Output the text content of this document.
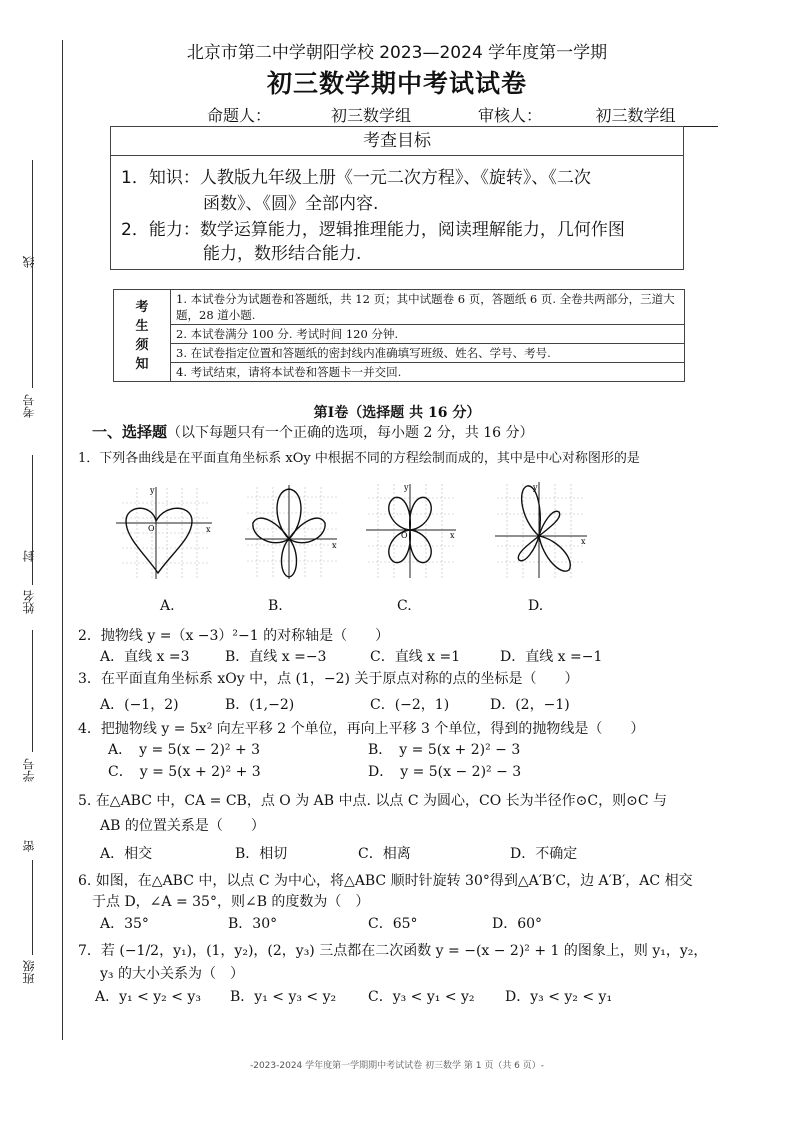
线
考号
封
姓名
学号
密
班级
北京市第二中学朝阳学校 2023—2024 学年度第一学期
初三数学期中考试试卷
命题人：	初三数学组	审核人：	初三数学组
考查目标
1．知识：人教版九年级上册《一元二次方程》、《旋转》、《二次
函数》、《圆》全部内容.
2．能力：数学运算能力，逻辑推理能力，阅读理解能力，几何作图
能力，数形结合能力.
考
生
须
知	1. 本试卷分为试题卷和答题纸，共 12 页；其中试题卷 6 页，答题纸 6 页. 全卷共两部分，三道大题，28 道小题.
2. 本试卷满分 100 分. 考试时间 120 分钟.
3. 在试卷指定位置和答题纸的密封线内准确填写班级、姓名、学号、考号.
4. 考试结束，请将本试卷和答题卡一并交回.
第Ⅰ卷（选择题 共 16 分）
一、选择题（以下每题只有一个正确的选项，每小题 2 分，共 16 分）
1．下列各曲线是在平面直角坐标系 xOy 中根据不同的方程绘制而成的，其中是中心对称图形的是
y
x
O
A.
x
B.
y
x
O
C.
y
x
D.
2．抛物线 y =（x −3）²−1 的对称轴是（　　）
A．直线 x =3	B．直线 x =−3	C．直线 x =1	D．直线 x =−1
3．在平面直角坐标系 xOy 中，点 (1，−2) 关于原点对称的点的坐标是（　　）
A．(−1，2)	B．(1,−2)	C．(−2，1)	D．(2，−1)
4．把抛物线 y = 5x² 向左平移 2 个单位，再向上平移 3 个单位，得到的抛物线是（　　）
A．　y = 5(x − 2)² + 3	B．　y = 5(x + 2)² − 3
C．　y = 5(x + 2)² + 3	D．　y = 5(x − 2)² − 3
5. 在△ABC 中，CA = CB，点 O 为 AB 中点. 以点 C 为圆心，CO 长为半径作⊙C，则⊙C 与
AB 的位置关系是（　　）
A．相交	B．相切	C．相离	D．不确定
6. 如图，在△ABC 中，以点 C 为中心，将△ABC 顺时针旋转 30°得到△A′B′C，边 A′B′，AC 相交
于点 D，∠A = 35°，则∠B 的度数为（　）
A．35°	B．30°	C．65°	D．60°
7．若 (−1/2，y₁)，(1，y₂)，(2，y₃) 三点都在二次函数 y = −(x − 2)² + 1 的图象上，则 y₁，y₂，
y₃ 的大小关系为（　）
A．y₁ < y₂ < y₃ B．y₁ < y₃ < y₂ C．y₃ < y₁ < y₂ D．y₃ < y₂ < y₁
-2023-2024 学年度第一学期期中考试试卷 初三数学 第 1 页（共 6 页）-
